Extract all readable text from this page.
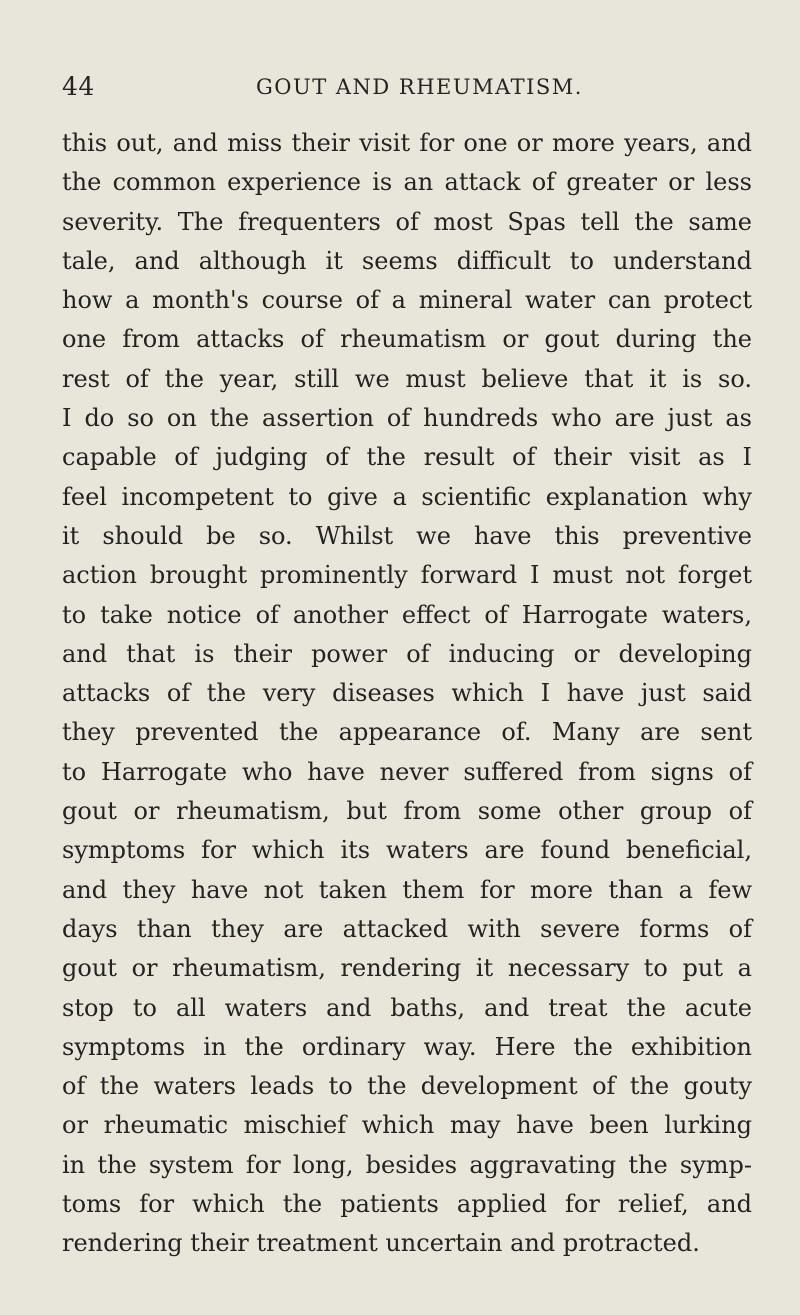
44	GOUT AND RHEUMATISM.
this out, and miss their visit for one or more years, and
the common experience is an attack of greater or less
severity. The frequenters of most Spas tell the same
tale, and although it seems difficult to understand
how a month's course of a mineral water can protect
one from attacks of rheumatism or gout during the
rest of the year, still we must believe that it is so.
I do so on the assertion of hundreds who are just as
capable of judging of the result of their visit as I
feel incompetent to give a scientific explanation why
it should be so. Whilst we have this preventive
action brought prominently forward I must not forget
to take notice of another effect of Harrogate waters,
and that is their power of inducing or developing
attacks of the very diseases which I have just said
they prevented the appearance of. Many are sent
to Harrogate who have never suffered from signs of
gout or rheumatism, but from some other group of
symptoms for which its waters are found beneficial,
and they have not taken them for more than a few
days than they are attacked with severe forms of
gout or rheumatism, rendering it necessary to put a
stop to all waters and baths, and treat the acute
symptoms in the ordinary way. Here the exhibition
of the waters leads to the development of the gouty
or rheumatic mischief which may have been lurking
in the system for long, besides aggravating the symp-
toms for which the patients applied for relief, and
rendering their treatment uncertain and protracted.
